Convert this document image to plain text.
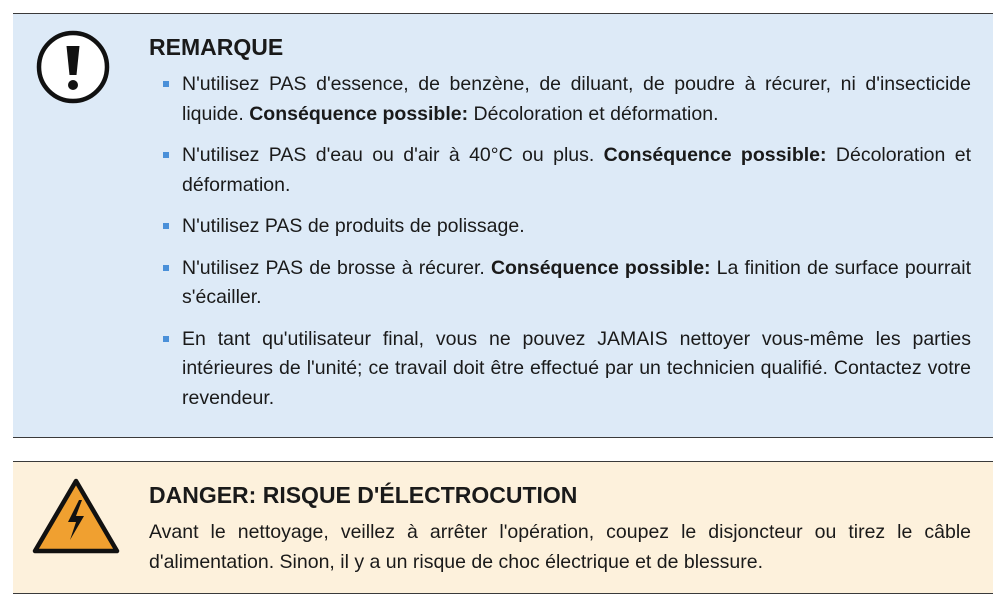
REMARQUE
N'utilisez PAS d'essence, de benzène, de diluant, de poudre à récurer, ni d'insecticide liquide. Conséquence possible: Décoloration et déformation.
N'utilisez PAS d'eau ou d'air à 40°C ou plus. Conséquence possible: Décoloration et déformation.
N'utilisez PAS de produits de polissage.
N'utilisez PAS de brosse à récurer. Conséquence possible: La finition de surface pourrait s'écailler.
En tant qu'utilisateur final, vous ne pouvez JAMAIS nettoyer vous-même les parties intérieures de l'unité; ce travail doit être effectué par un technicien qualifié. Contactez votre revendeur.
DANGER: RISQUE D'ÉLECTROCUTION
Avant le nettoyage, veillez à arrêter l'opération, coupez le disjoncteur ou tirez le câble d'alimentation. Sinon, il y a un risque de choc électrique et de blessure.
